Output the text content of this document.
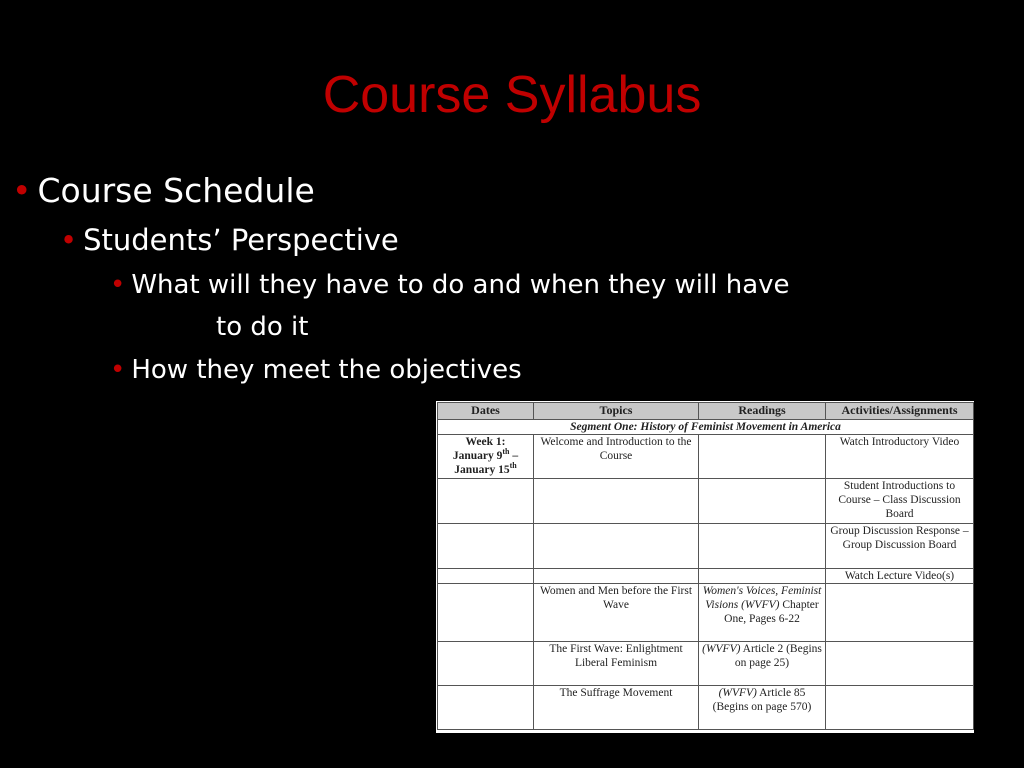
Course Syllabus
• Course Schedule
• Students’ Perspective
• What will they have to do and when they will have
to do it
• How they meet the objectives
Dates	Topics	Readings	Activities/Assignments
Segment One: History of Feminist Movement in America			
Week 1:
January 9th –
January 15th	Welcome and Introduction to the Course		Watch Introductory Video
			Student Introductions to Course – Class Discussion Board
			Group Discussion Response – Group Discussion Board
			Watch Lecture Video(s)
	Women and Men before the First Wave	Women's Voices, Feminist Visions (WVFV) Chapter One, Pages 6-22	
	The First Wave: Enlightment Liberal Feminism	(WVFV) Article 2 (Begins on page 25)	
	The Suffrage Movement	(WVFV) Article 85 (Begins on page 570)	
